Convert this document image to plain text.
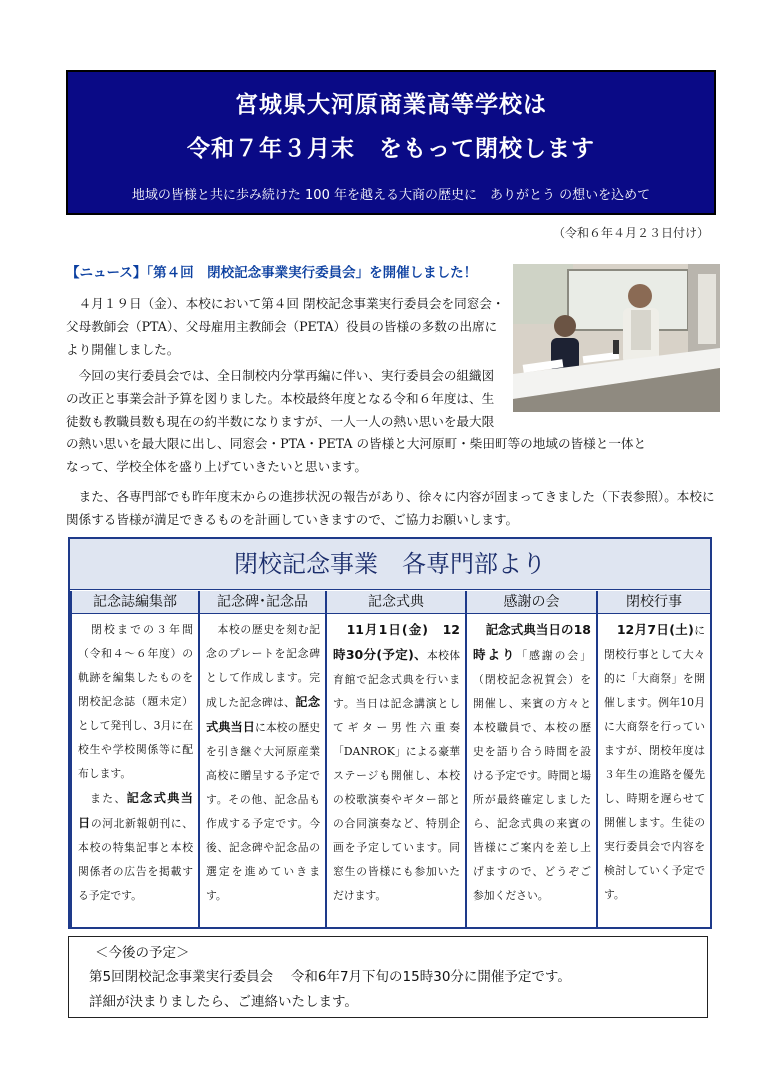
宮城県大河原商業高等学校は
令和７年３月末　をもって閉校します
地域の皆様と共に歩み続けた 100 年を越える大商の歴史に　ありがとう の想いを込めて
（令和６年４月２３日付け）
【ニュース】「第４回　閉校記念事業実行委員会」を開催しました！
　４月１９日（金）、本校において第４回 閉校記念事業実行委員会を同窓会・父母教師会（PTA）、父母雇用主教師会（PETA）役員の皆様の多数の出席により開催しました。
　今回の実行委員会では、全日制校内分掌再編に伴い、実行委員会の組織図の改正と事業会計予算を図りました。本校最終年度となる令和６年度は、生徒数も教職員数も現在の約半数になりますが、一人一人の熱い思いを最大限
の熱い思いを最大限に出し、同窓会・PTA・PETA の皆様と大河原町・柴田町等の地域の皆様と一体と
なって、学校全体を盛り上げていきたいと思います。
　また、各専門部でも昨年度末からの進捗状況の報告があり、徐々に内容が固まってきました（下表参照）。本校に関係する皆様が満足できるものを計画していきますので、ご協力お願いします。
閉校記念事業　各専門部より
記念誌編集部
　閉校までの３年間（令和４～６年度）の軌跡を編集したものを閉校記念誌（題未定）として発刊し、3月に在校生や学校関係等に配布します。
　また、記念式典当日の河北新報朝刊に、本校の特集記事と本校関係者の広告を掲載する予定です。
記念碑･記念品
　本校の歴史を刻む記念のプレートを記念碑として作成します。完成した記念碑は、記念式典当日に本校の歴史を引き継ぐ大河原産業高校に贈呈する予定です。その他、記念品も作成する予定です。今後、記念碑や記念品の選定を進めていきます。
記念式典
　11月1日(金)　12時30分(予定)、本校体育館で記念式典を行います。当日は記念講演としてギター男性六重奏「DANROK」による豪華ステージも開催し、本校の校歌演奏やギター部との合同演奏など、特別企画を予定しています。同窓生の皆様にも参加いただけます。
感謝の会
　記念式典当日の18時より「感謝の会」（閉校記念祝賀会）を開催し、来賓の方々と本校職員で、本校の歴史を語り合う時間を設ける予定です。時間と場所が最終確定しましたら、記念式典の来賓の皆様にご案内を差し上げますので、どうぞご参加ください。
閉校行事
　12月7日(土)に閉校行事として大々的に「大商祭」を開催します。例年10月に大商祭を行っていますが、閉校年度は３年生の進路を優先し、時期を遅らせて開催します。生徒の実行委員会で内容を検討していく予定です。
＜今後の予定＞
第5回閉校記念事業実行委員会　 令和6年7月下旬の15時30分に開催予定です。
詳細が決まりましたら、ご連絡いたします。
